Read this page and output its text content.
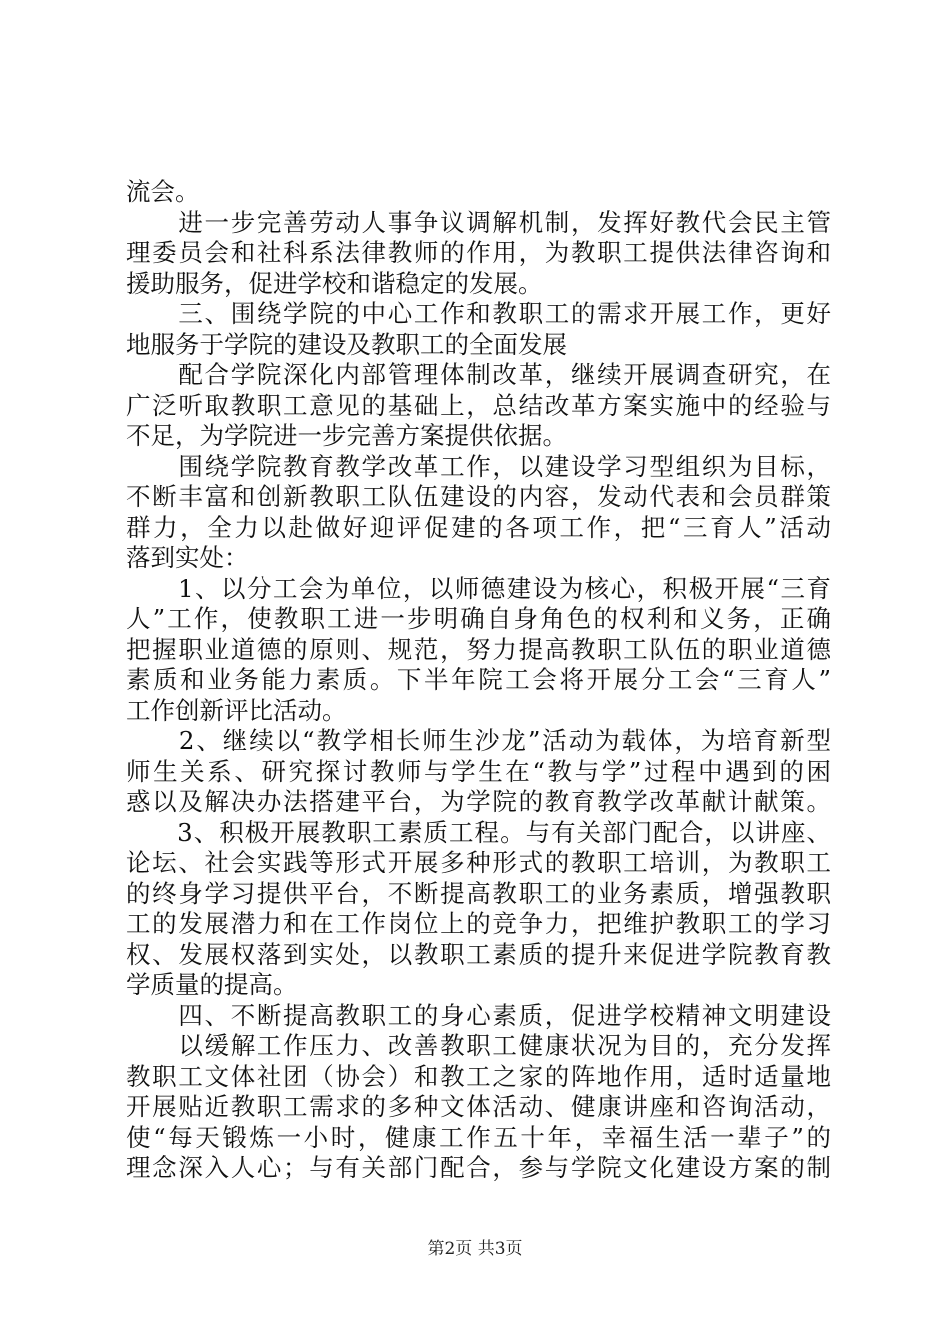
流会。
　　进一步完善劳动人事争议调解机制，发挥好教代会民主管
理委员会和社科系法律教师的作用，为教职工提供法律咨询和
援助服务，促进学校和谐稳定的发展。
　　三、围绕学院的中心工作和教职工的需求开展工作，更好
地服务于学院的建设及教职工的全面发展
　　配合学院深化内部管理体制改革，继续开展调查研究，在
广泛听取教职工意见的基础上，总结改革方案实施中的经验与
不足，为学院进一步完善方案提供依据。
　　围绕学院教育教学改革工作，以建设学习型组织为目标，
不断丰富和创新教职工队伍建设的内容，发动代表和会员群策
群力，全力以赴做好迎评促建的各项工作，把“三育人”活动
落到实处：
　　1、以分工会为单位，以师德建设为核心，积极开展“三育
人”工作，使教职工进一步明确自身角色的权利和义务，正确
把握职业道德的原则、规范，努力提高教职工队伍的职业道德
素质和业务能力素质。下半年院工会将开展分工会“三育人”
工作创新评比活动。
　　2、继续以“教学相长师生沙龙”活动为载体，为培育新型
师生关系、研究探讨教师与学生在“教与学”过程中遇到的困
惑以及解决办法搭建平台，为学院的教育教学改革献计献策。
　　3、积极开展教职工素质工程。与有关部门配合，以讲座、
论坛、社会实践等形式开展多种形式的教职工培训，为教职工
的终身学习提供平台，不断提高教职工的业务素质，增强教职
工的发展潜力和在工作岗位上的竞争力，把维护教职工的学习
权、发展权落到实处，以教职工素质的提升来促进学院教育教
学质量的提高。
　　四、不断提高教职工的身心素质，促进学校精神文明建设
　　以缓解工作压力、改善教职工健康状况为目的，充分发挥
教职工文体社团（协会）和教工之家的阵地作用，适时适量地
开展贴近教职工需求的多种文体活动、健康讲座和咨询活动，
使“每天锻炼一小时，健康工作五十年，幸福生活一辈子”的
理念深入人心；与有关部门配合，参与学院文化建设方案的制
第2页 共3页
